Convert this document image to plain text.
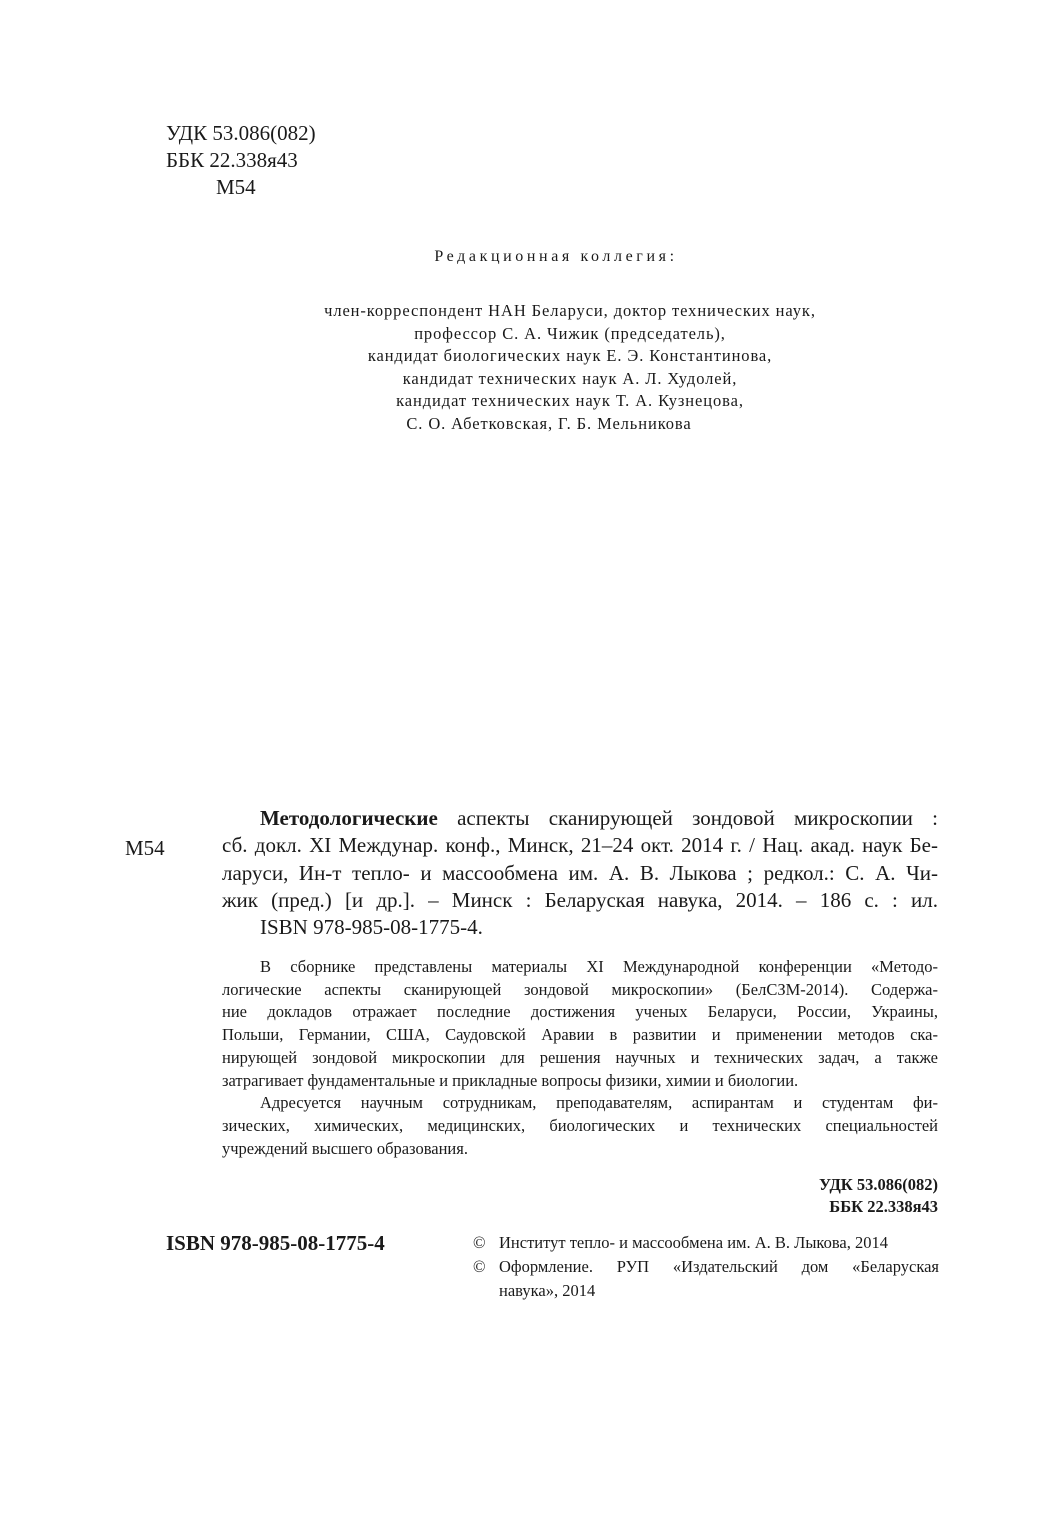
УДК 53.086(082)
ББК 22.338я43
М54
Редакционная коллегия:
член-корреспондент НАН Беларуси, доктор технических наук,
профессор С. А. Чижик (председатель),
кандидат биологических наук Е. Э. Константинова,
кандидат технических наук А. Л. Худолей,
кандидат технических наук Т. А. Кузнецова,
С. О. Абетковская, Г. Б. Мельникова
М54
Методологические аспекты сканирующей зондовой микроскопии :
сб. докл. XI Междунар. конф., Минск, 21–24 окт. 2014 г. / Нац. акад. наук Бе-
ларуси, Ин-т тепло- и массообмена им. А. В. Лыкова ; редкол.: С. А. Чи-
жик (пред.) [и др.]. – Минск : Беларуская навука, 2014. – 186 с. : ил.
ISBN 978-985-08-1775-4.
В сборнике представлены материалы XI Международной конференции «Методо-
логические аспекты сканирующей зондовой микроскопии» (БелСЗМ-2014). Содержа-
ние докладов отражает последние достижения ученых Беларуси, России, Украины,
Польши, Германии, США, Саудовской Аравии в развитии и применении методов ска-
нирующей зондовой микроскопии для решения научных и технических задач, а также
затрагивает фундаментальные и прикладные вопросы физики, химии и биологии.
Адресуется научным сотрудникам, преподавателям, аспирантам и студентам фи-
зических, химических, медицинских, биологических и технических специальностей
учреждений высшего образования.
УДК 53.086(082)
ББК 22.338я43
ISBN 978-985-08-1775-4	© Институт тепло- и массообмена им. А. В. Лыкова, 2014
© Оформление. РУП «Издательский дом «Беларуская
навука», 2014
